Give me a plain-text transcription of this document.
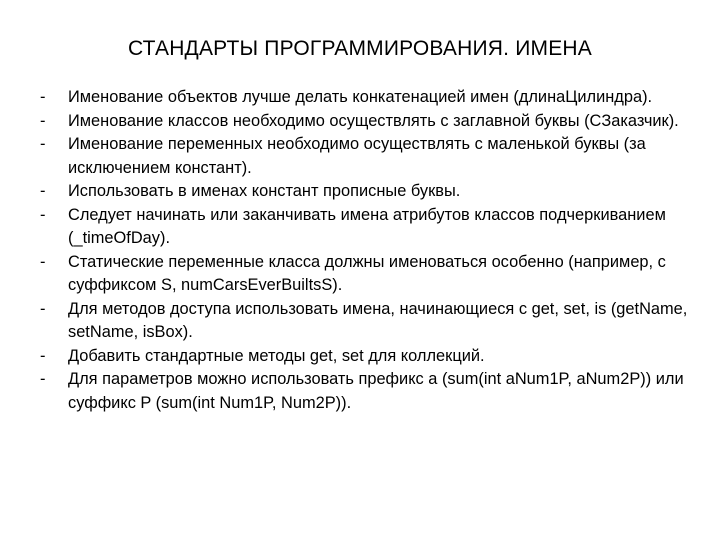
СТАНДАРТЫ ПРОГРАММИРОВАНИЯ. ИМЕНА
-	Именование объектов лучше делать конкатенацией имен (длинаЦилиндра).
-	Именование классов необходимо осуществлять с заглавной буквы (CЗаказчик).
-	Именование переменных необходимо осуществлять с маленькой буквы (за исключением констант).
-	Использовать в именах констант прописные буквы.
-	Следует начинать или заканчивать имена атрибутов классов подчеркиванием (_timeOfDay).
-	Статические переменные класса должны именоваться особенно (например, с суффиксом S, numCarsEverBuiltsS).
-	Для методов доступа использовать имена, начинающиеся с get, set, is (getName, setName, isBox).
-	Добавить стандартные методы get, set для коллекций.
-	Для параметров можно использовать префикс a (sum(int aNum1P, aNum2P)) или суффикс P (sum(int Num1P, Num2P)).
